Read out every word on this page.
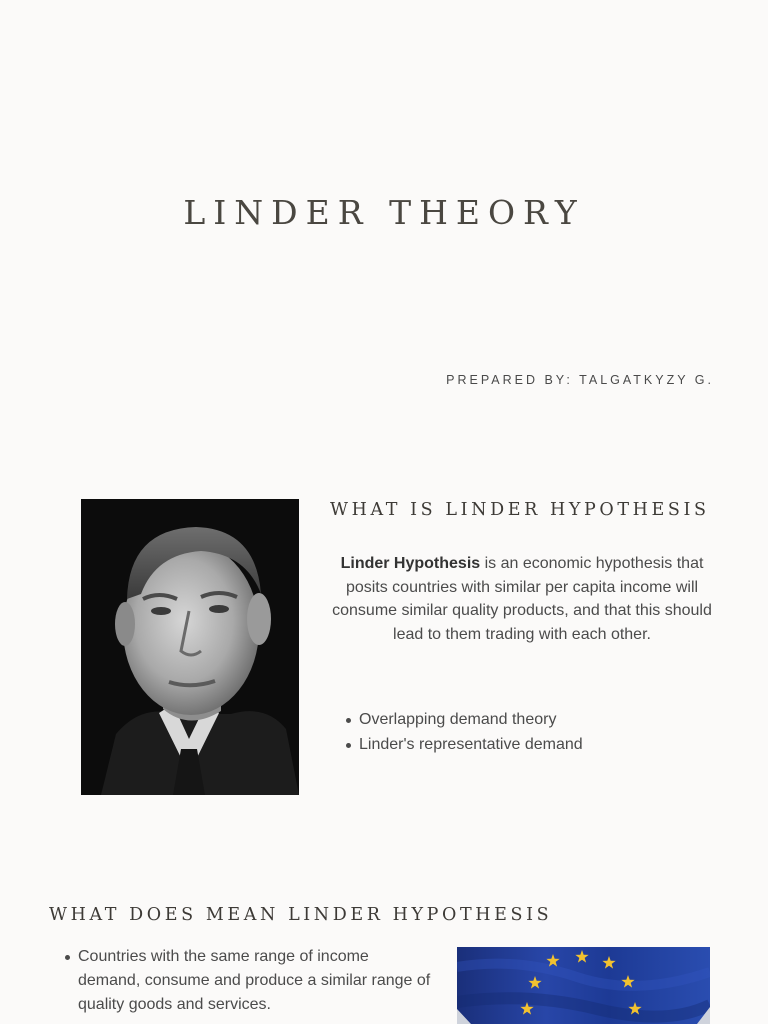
LINDER THEORY
PREPARED BY: TALGATKYZY G.
WHAT IS LINDER HYPOTHESIS
Linder Hypothesis is an economic hypothesis that posits countries with similar per capita income will consume similar quality products, and that this should lead to them trading with each other.
Overlapping demand theory
Linder's representative demand
WHAT DOES MEAN LINDER HYPOTHESIS
Countries with the same range of income demand, consume and produce a similar range of quality goods and services.
